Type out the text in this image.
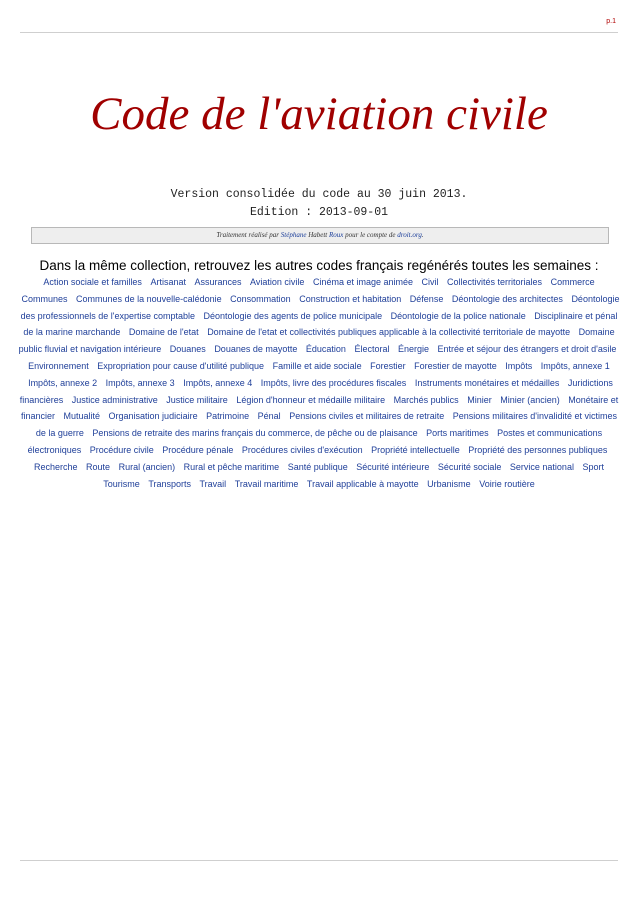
p.1
Code de l'aviation civile
Version consolidée du code au 30 juin 2013.
Edition : 2013-09-01
Traitement réalisé par Stéphane Habett Roux pour le compte de droit.org.
Dans la même collection, retrouvez les autres codes français regénérés toutes les semaines :
Action sociale et familles Artisanat Assurances Aviation civile Cinéma et image animée Civil Collectivités territoriales Commerce Communes Communes de la nouvelle-calédonie Consommation Construction et habitation Défense Déontologie des architectes Déontologie des professionnels de l'expertise comptable Déontologie des agents de police municipale Déontologie de la police nationale Disciplinaire et pénal de la marine marchande Domaine de l'etat Domaine de l'etat et collectivités publiques applicable à la collectivité territoriale de mayotte Domaine public fluvial et navigation intérieure Douanes Douanes de mayotte Éducation Électoral Énergie Entrée et séjour des étrangers et droit d'asile Environnement Expropriation pour cause d'utilité publique Famille et aide sociale Forestier Forestier de mayotte Impôts Impôts, annexe 1 Impôts, annexe 2 Impôts, annexe 3 Impôts, annexe 4 Impôts, livre des procédures fiscales Instruments monétaires et médailles Juridictions financières Justice administrative Justice militaire Légion d'honneur et médaille militaire Marchés publics Minier Minier (ancien) Monétaire et financier Mutualité Organisation judiciaire Patrimoine Pénal Pensions civiles et militaires de retraite Pensions militaires d'invalidité et victimes de la guerre Pensions de retraite des marins français du commerce, de pêche ou de plaisance Ports maritimes Postes et communications électroniques Procédure civile Procédure pénale Procédures civiles d'exécution Propriété intellectuelle Propriété des personnes publiques Recherche Route Rural (ancien) Rural et pêche maritime Santé publique Sécurité intérieure Sécurité sociale Service national Sport Tourisme Transports Travail Travail maritime Travail applicable à mayotte Urbanisme Voirie routière
